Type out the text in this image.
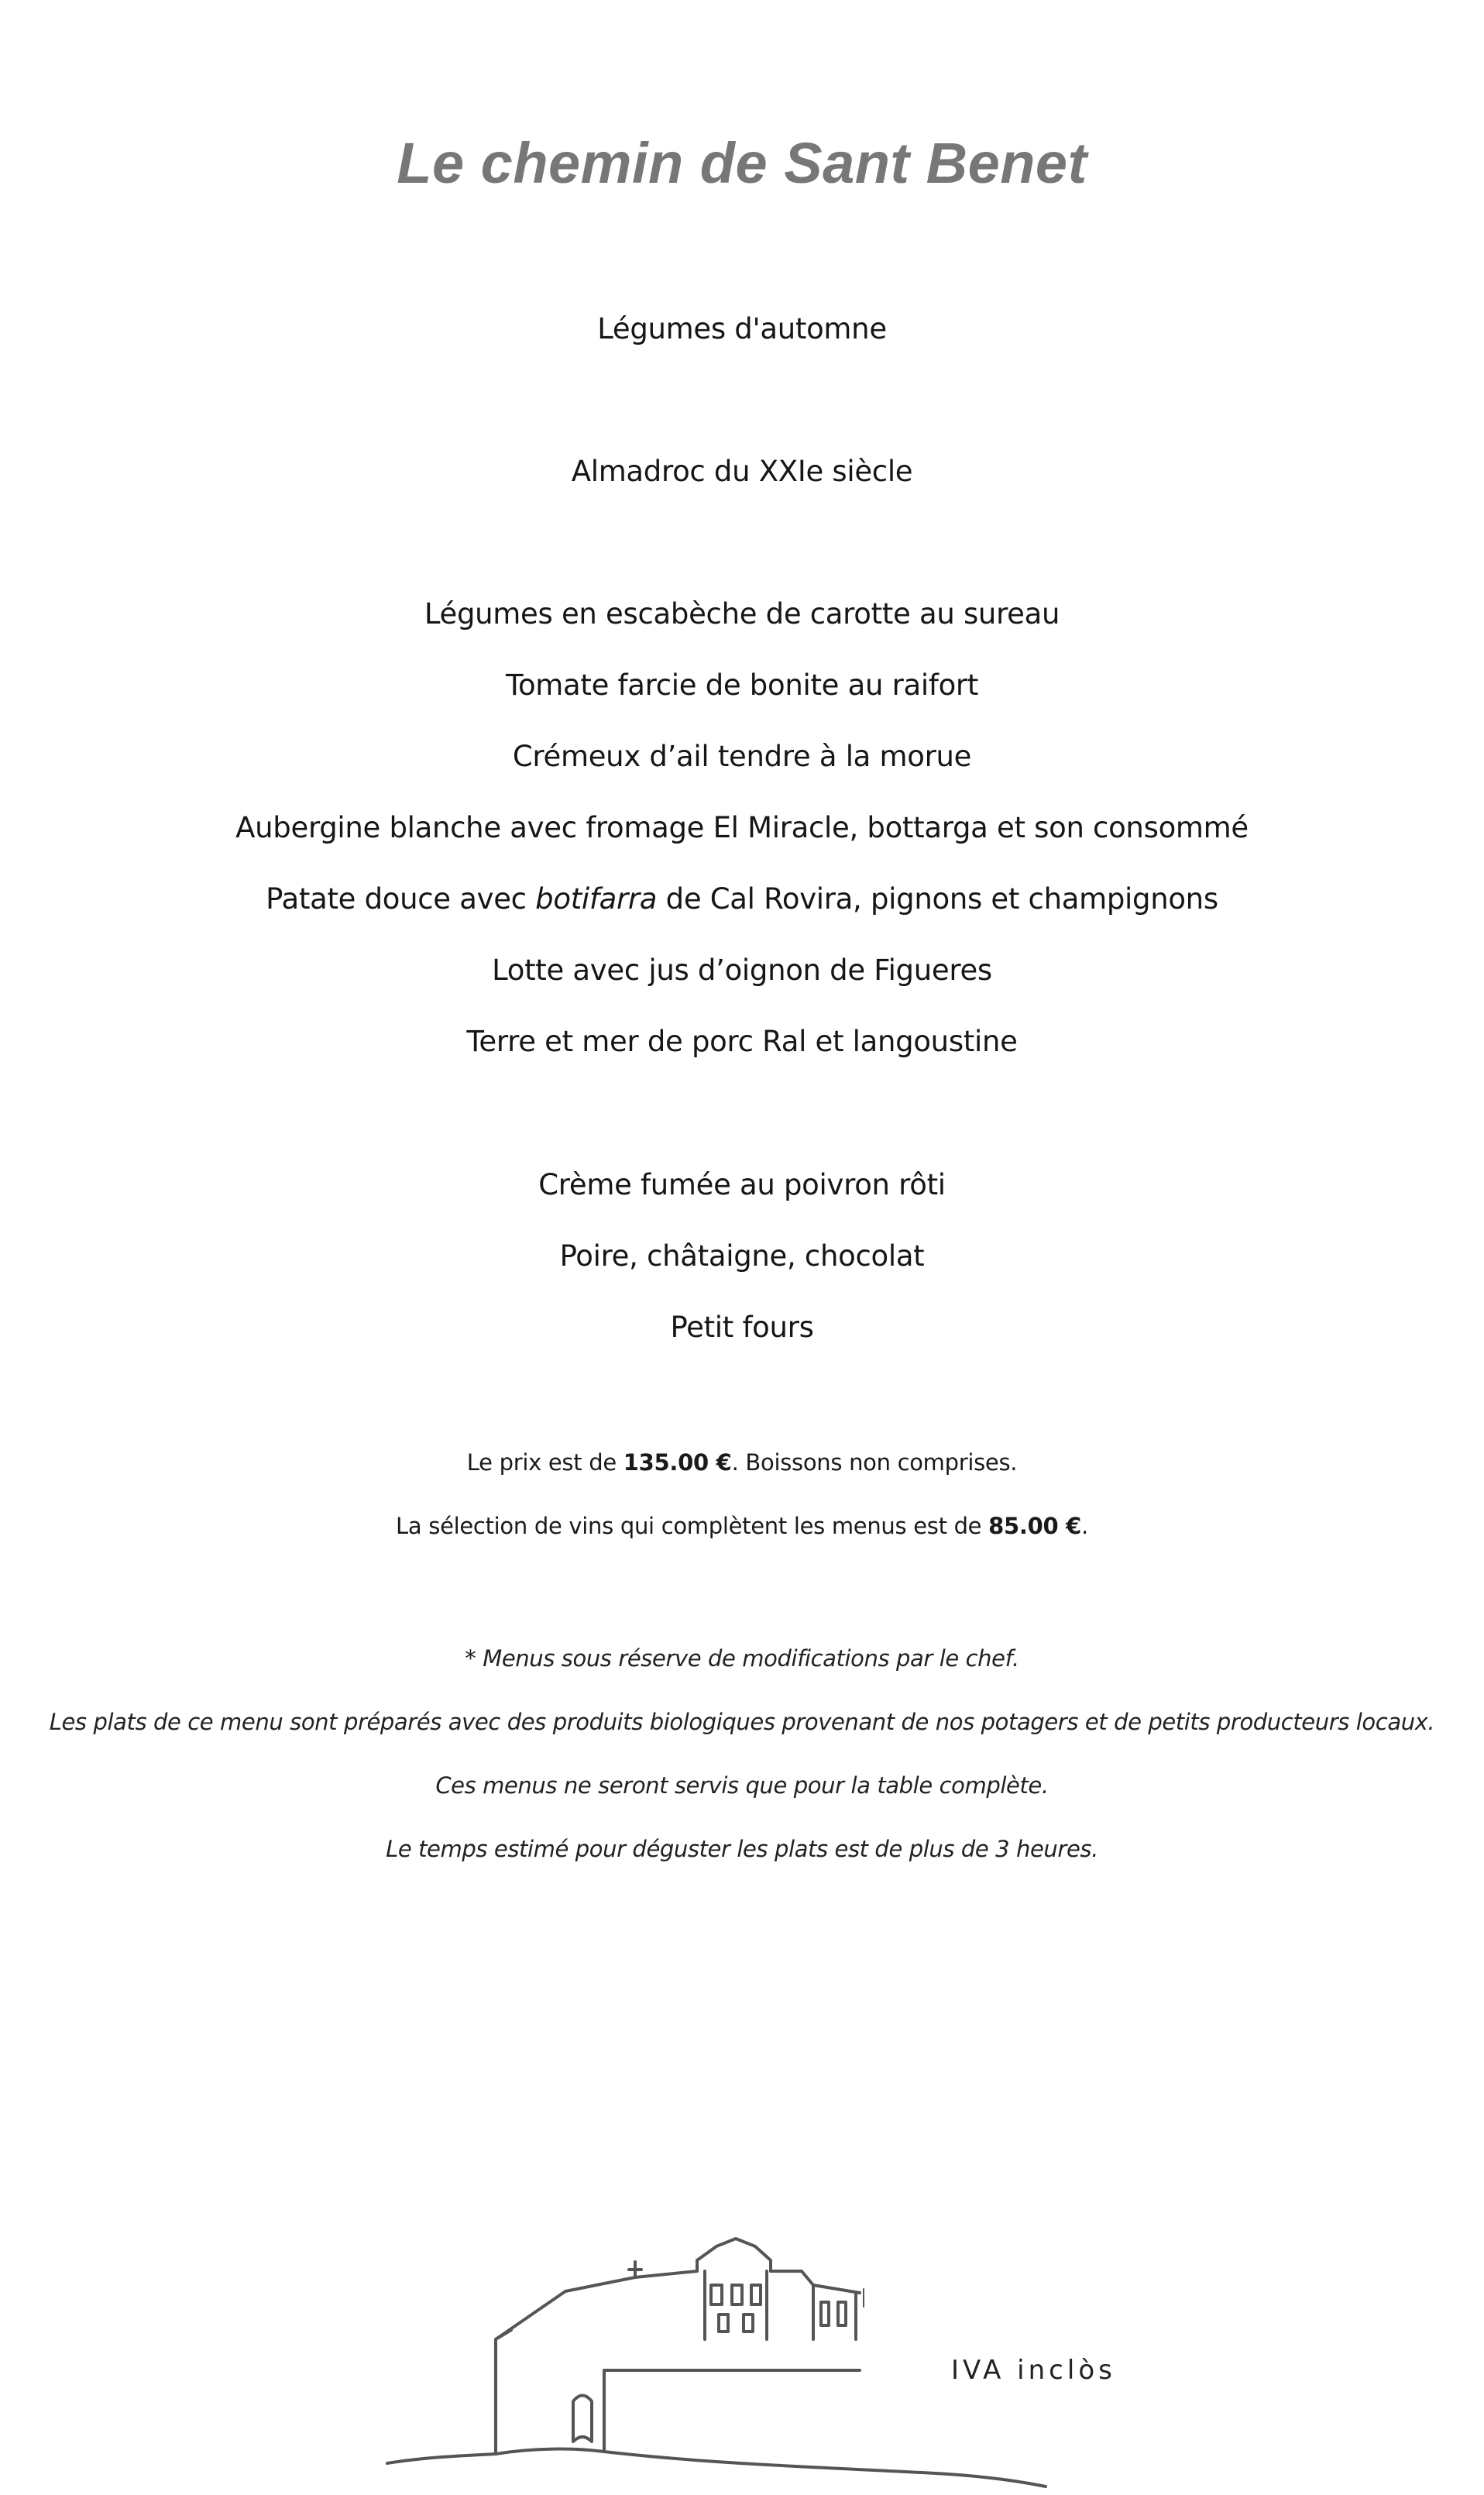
Le chemin de Sant Benet
Légumes d'automne
Almadroc du XXIe siècle
Légumes en escabèche de carotte au sureau
Tomate farcie de bonite au raifort
Crémeux d’ail tendre à la morue
Aubergine blanche avec fromage El Miracle, bottarga et son consommé
Patate douce avec botifarra de Cal Rovira, pignons et champignons
Lotte avec jus d’oignon de Figueres
Terre et mer de porc Ral et langoustine
Crème fumée au poivron rôti
Poire, châtaigne, chocolat
Petit fours
Le prix est de 135.00 €. Boissons non comprises.
La sélection de vins qui complètent les menus est de 85.00 €.
* Menus sous réserve de modifications par le chef.
Les plats de ce menu sont préparés avec des produits biologiques provenant de nos potagers et de petits producteurs locaux.
Ces menus ne seront servis que pour la table complète.
Le temps estimé pour déguster les plats est de plus de 3 heures.
IVA inclòs
